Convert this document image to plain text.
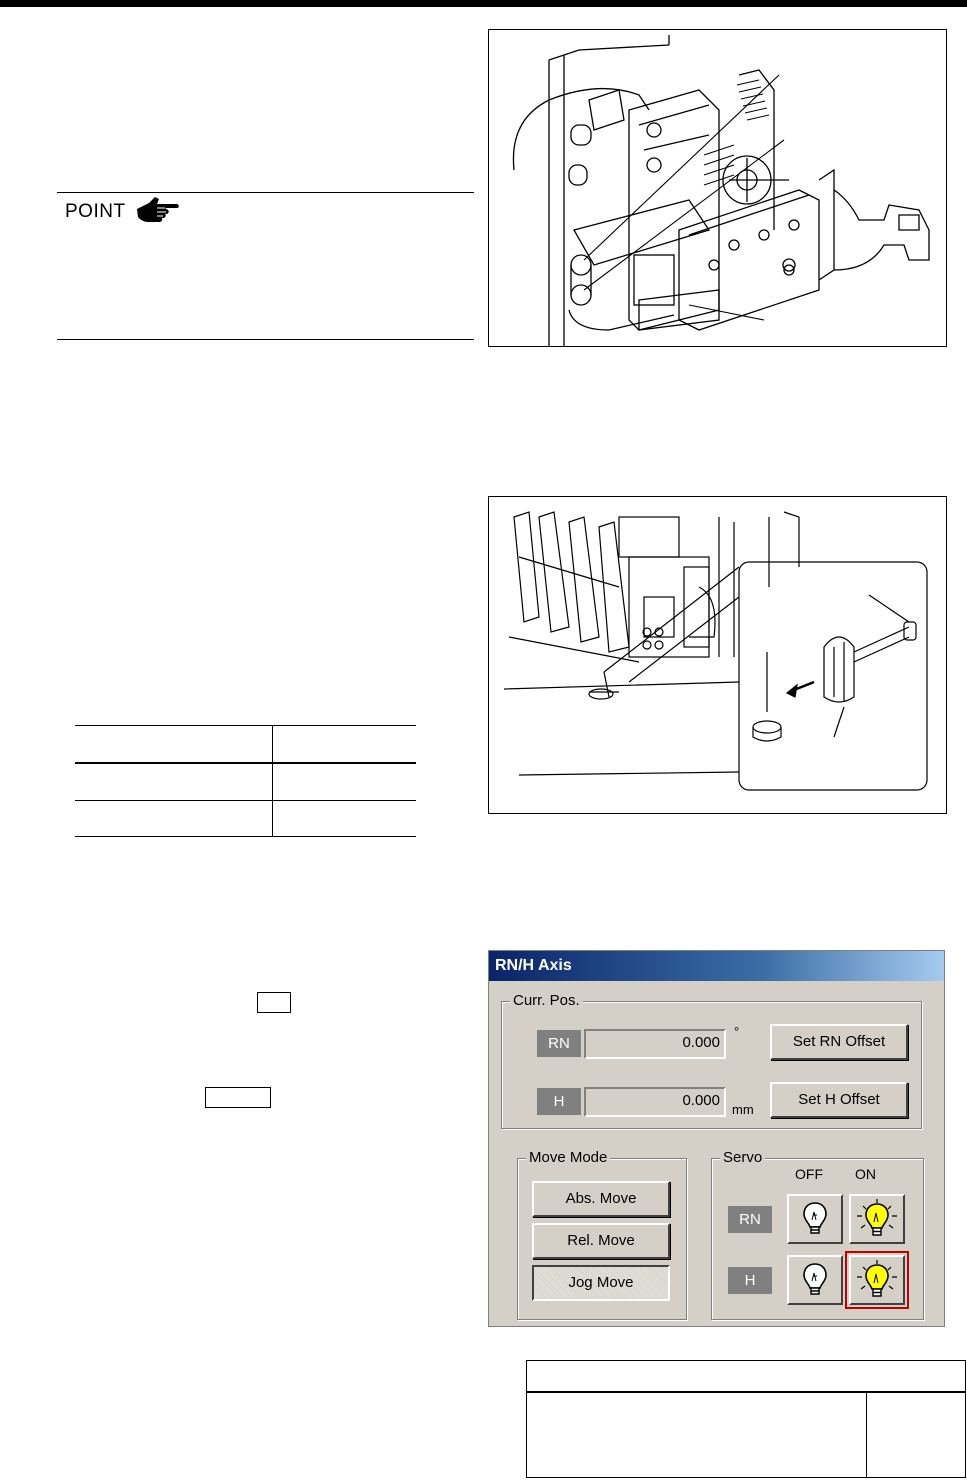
POINT
RN/H Axis
Curr. Pos.
RN	0.000
°
Set RN Offset
H	0.000
mm
Set H Offset
Move Mode
Abs. Move
Rel. Move
Jog Move
Servo
OFF ON
RN
H
